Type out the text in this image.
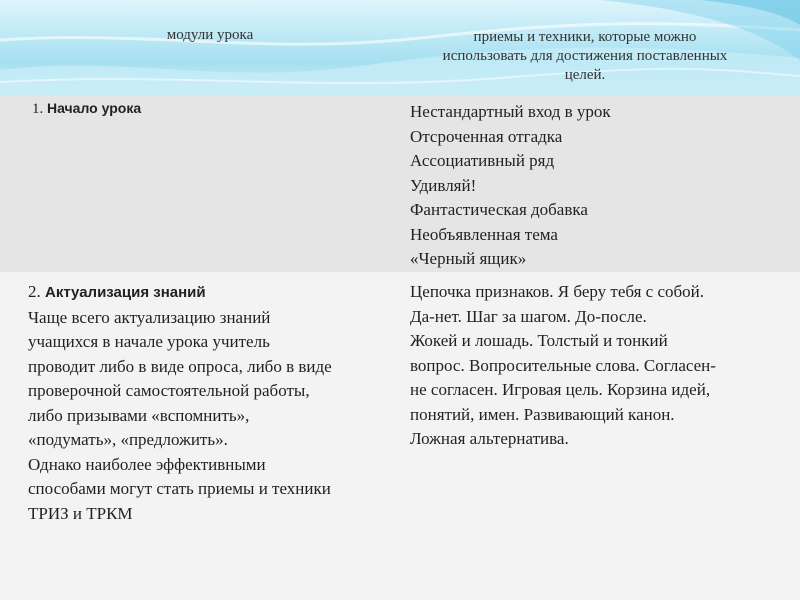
модули урока	приемы и техники, которые можно
использовать для достижения поставленных
целей.
1. Начало урока	Нестандартный вход в урок
Отсроченная отгадка
Ассоциативный ряд
Удивляй!
Фантастическая добавка
Необъявленная тема
«Черный ящик»
2. Актуализация знаний
Чаще всего актуализацию знаний
учащихся в начале урока учитель
проводит либо в виде опроса, либо в виде
проверочной самостоятельной работы,
либо призывами «вспомнить»,
«подумать», «предложить».
Однако наиболее эффективными
способами могут стать приемы и техники
ТРИЗ и ТРКМ
Цепочка признаков. Я беру тебя с собой.
Да-нет. Шаг за шагом. До-после.
Жокей и лошадь. Толстый и тонкий
вопрос. Вопросительные слова. Согласен-
не согласен. Игровая цель. Корзина идей,
понятий, имен. Развивающий канон.
Ложная альтернатива.
